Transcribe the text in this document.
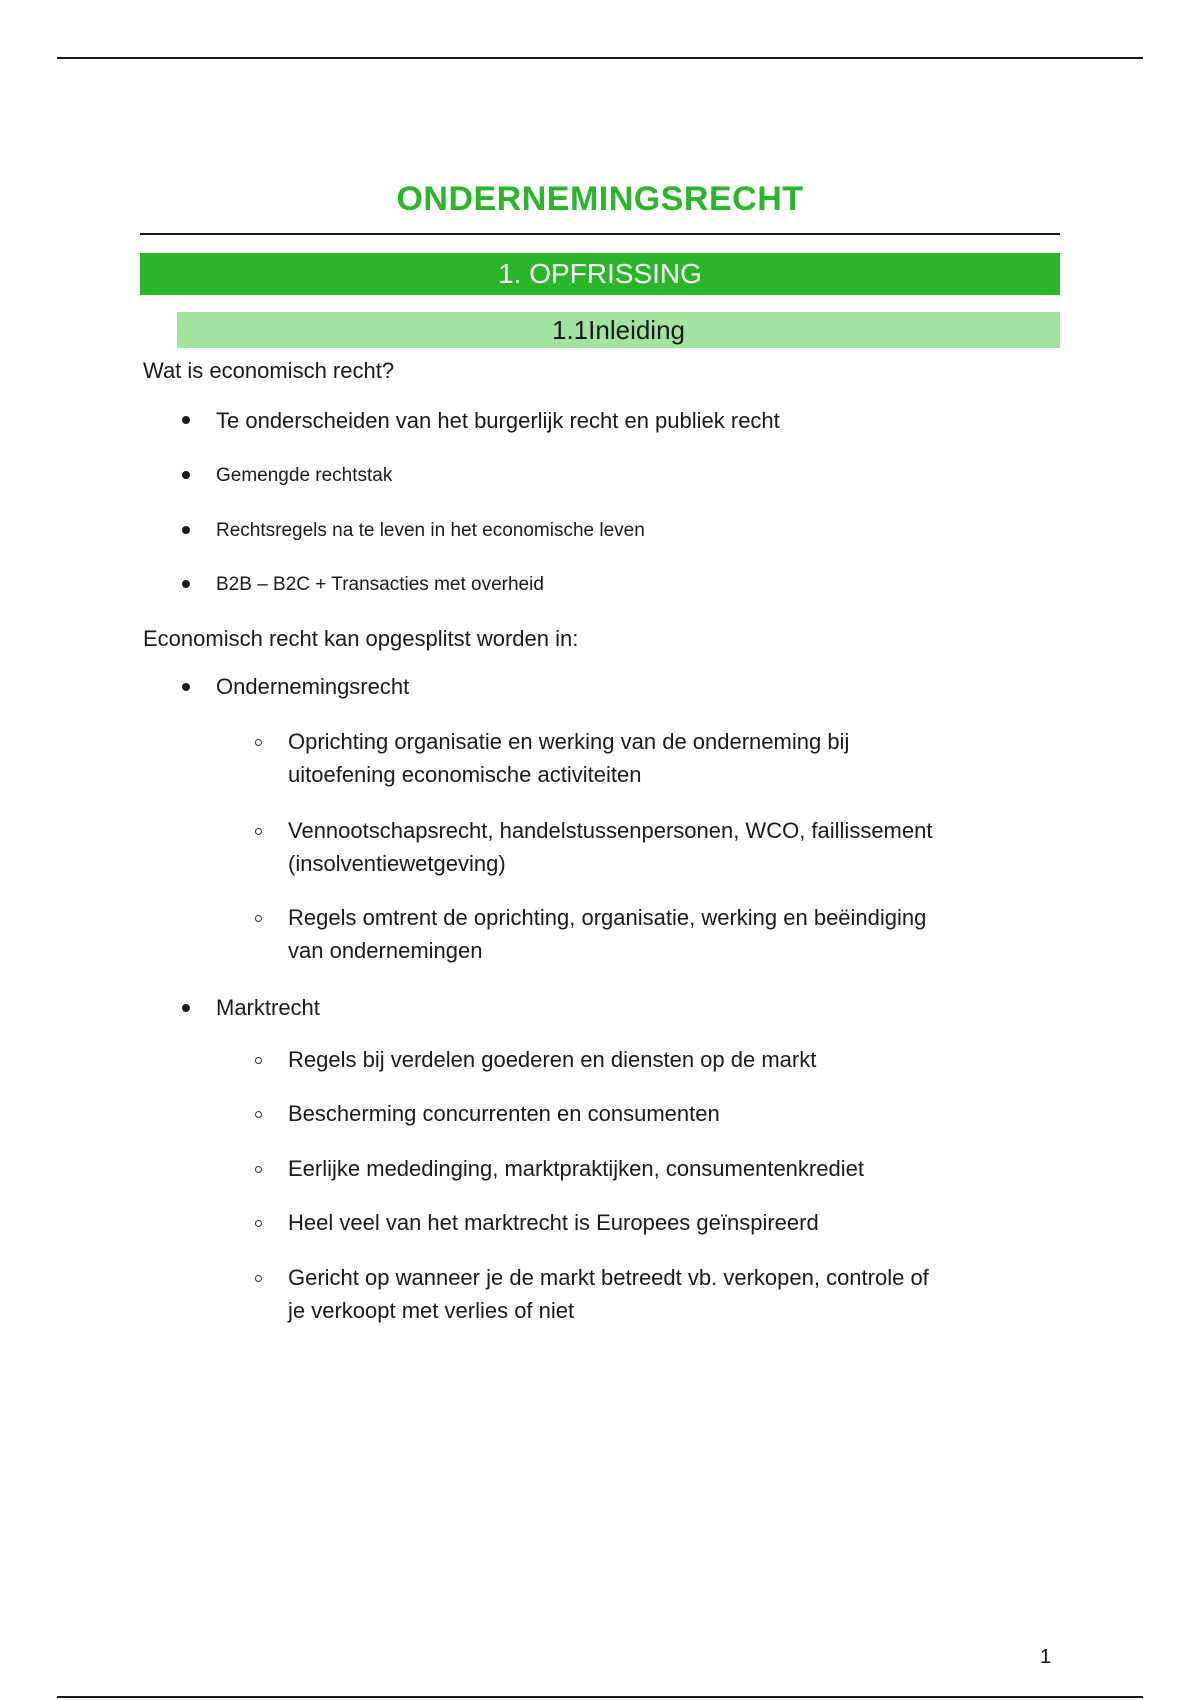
ONDERNEMINGSRECHT
1. OPFRISSING
1.1Inleiding
Wat is economisch recht?
Te onderscheiden van het burgerlijk recht en publiek recht
Gemengde rechtstak
Rechtsregels na te leven in het economische leven
B2B – B2C + Transacties met overheid
Economisch recht kan opgesplitst worden in:
Ondernemingsrecht
Oprichting organisatie en werking van de onderneming bij
uitoefening economische activiteiten
Vennootschapsrecht, handelstussenpersonen, WCO, faillissement
(insolventiewetgeving)
Regels omtrent de oprichting, organisatie, werking en beëindiging
van ondernemingen
Marktrecht
Regels bij verdelen goederen en diensten op de markt
Bescherming concurrenten en consumenten
Eerlijke mededinging, marktpraktijken, consumentenkrediet
Heel veel van het marktrecht is Europees geïnspireerd
Gericht op wanneer je de markt betreedt vb. verkopen, controle of
je verkoopt met verlies of niet
1
